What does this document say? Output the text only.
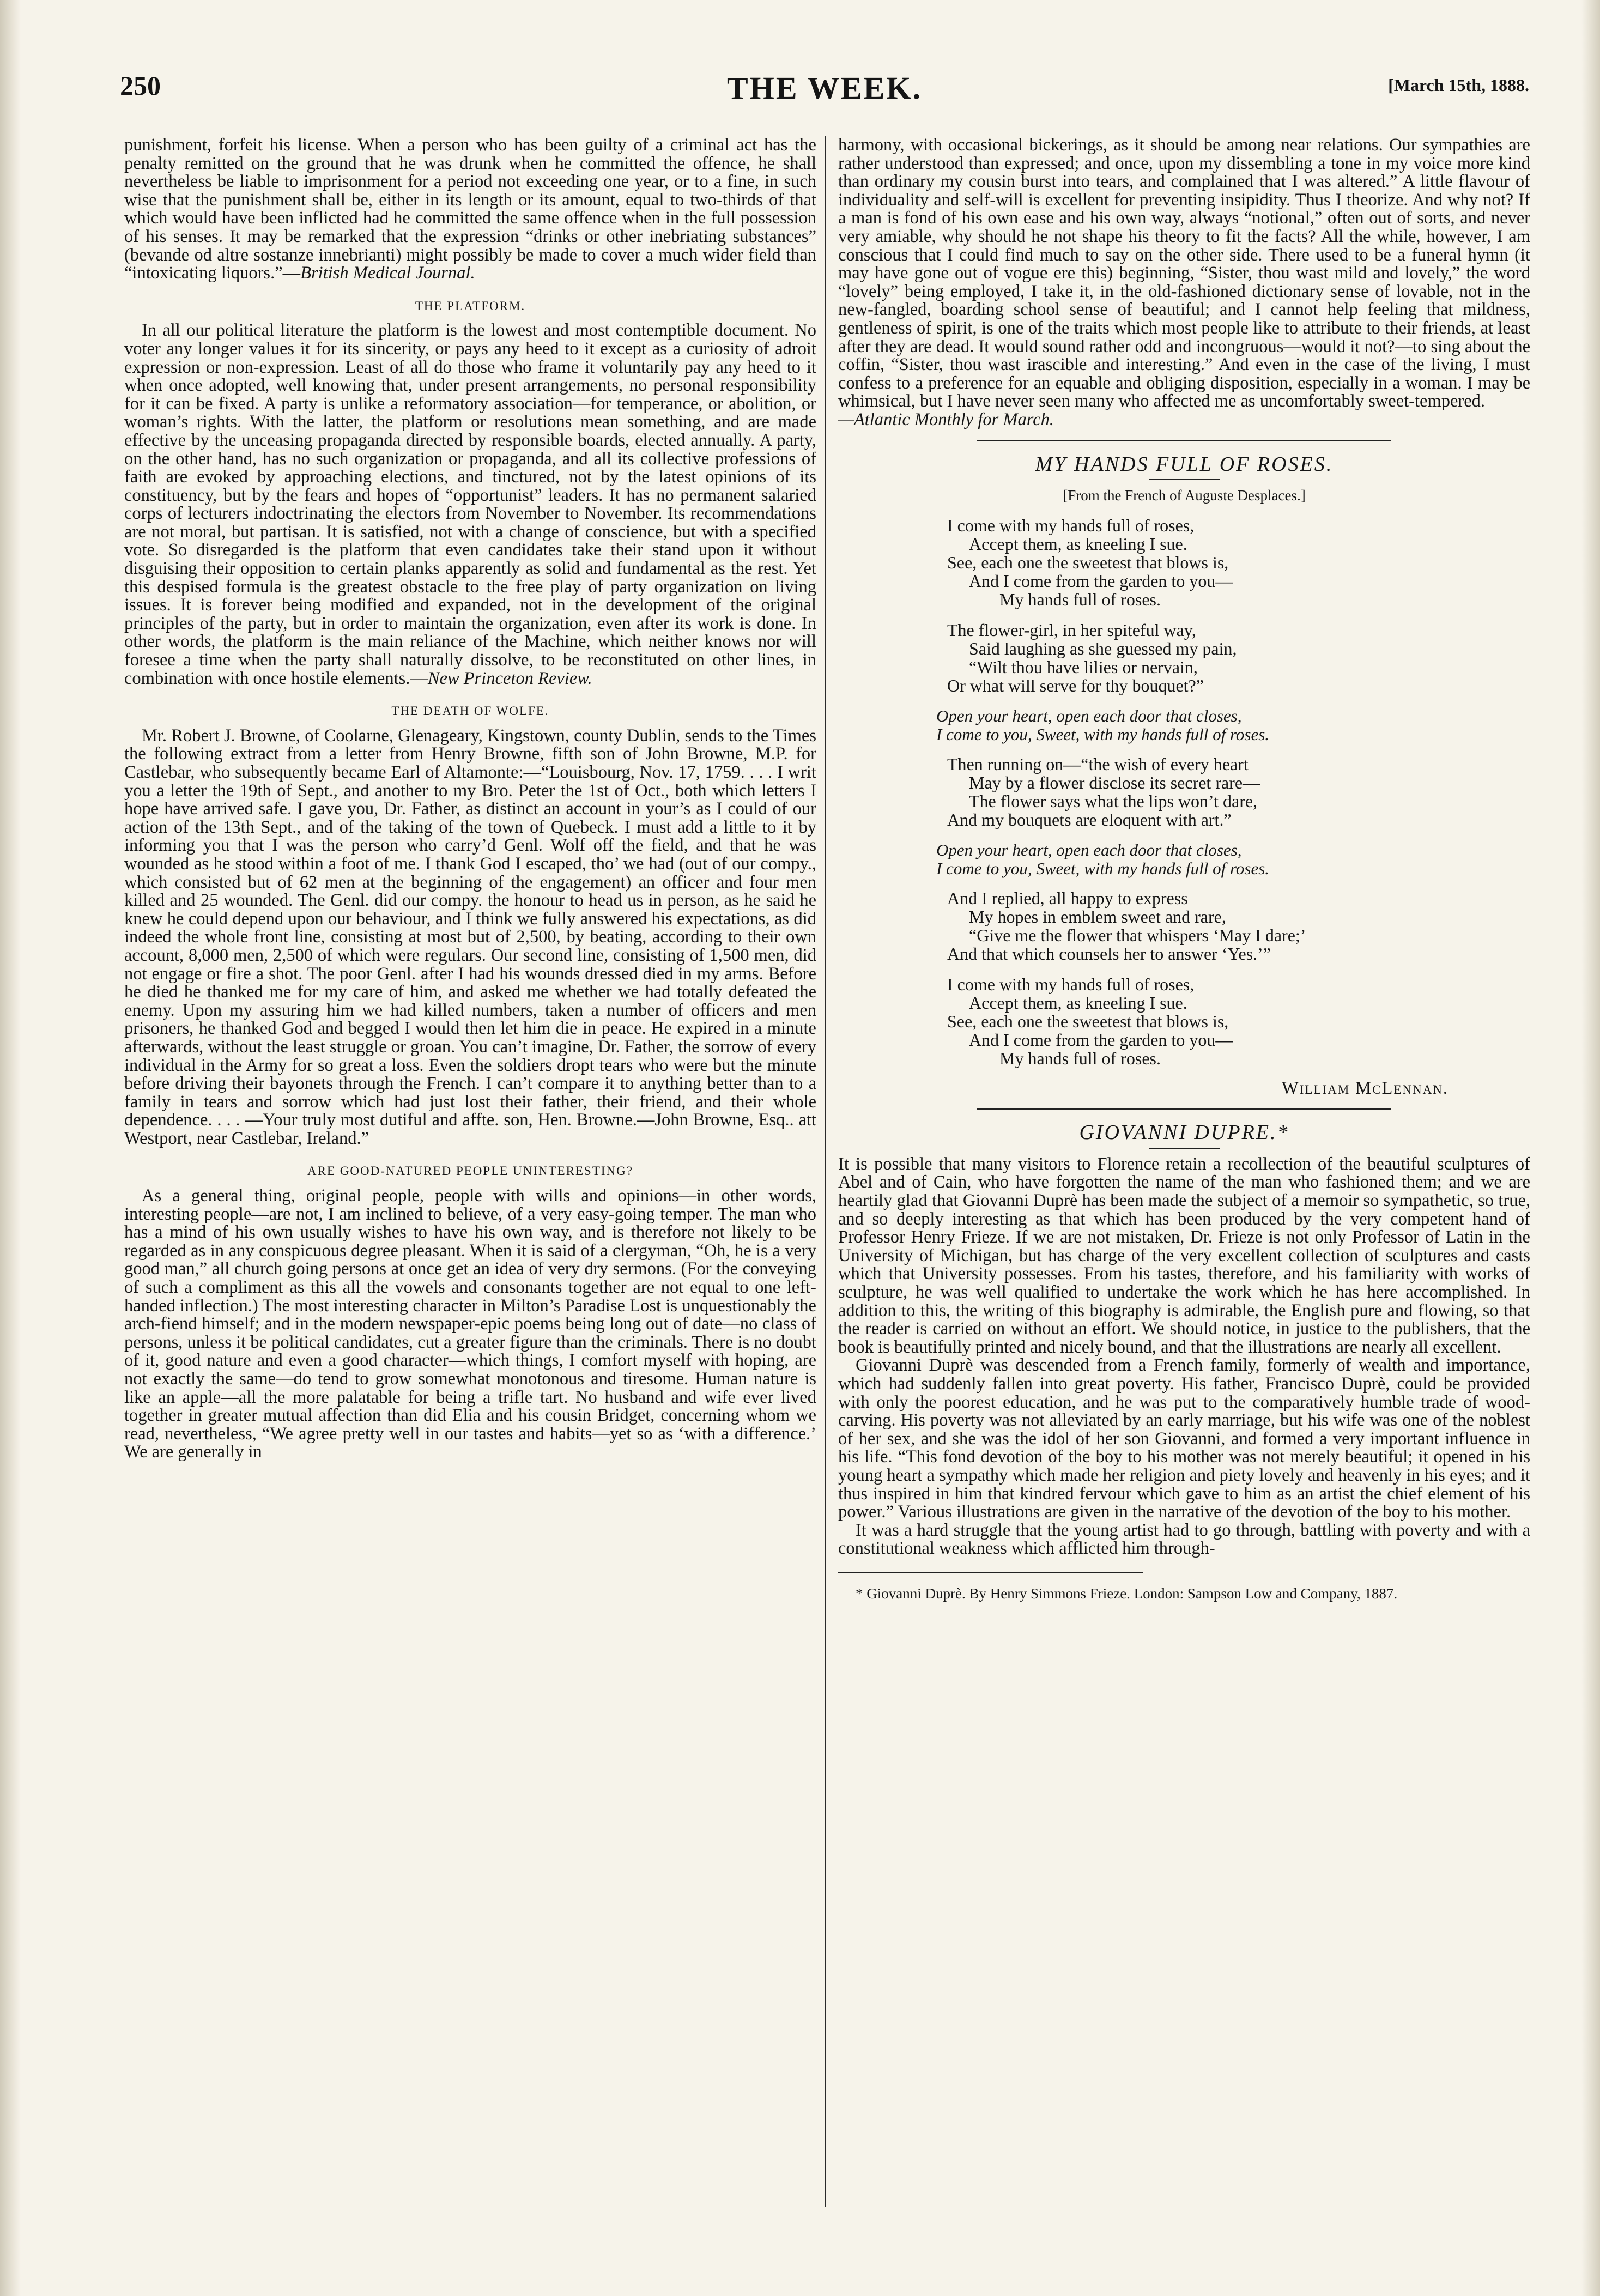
250	THE WEEK.	[March 15th, 1888.

punishment, forfeit his license. When a person who has been guilty of a criminal act has the penalty remitted on the ground that he was drunk when he committed the offence, he shall nevertheless be liable to imprisonment for a period not exceeding one year, or to a fine, in such wise that the punishment shall be, either in its length or its amount, equal to two-thirds of that which would have been inflicted had he committed the same offence when in the full possession of his senses. It may be remarked that the expression “drinks or other inebriating substances” (bevande od altre sostanze innebrianti) might possibly be made to cover a much wider field than “intoxicating liquors.”—British Medical Journal.

THE PLATFORM.

In all our political literature the platform is the lowest and most contemptible document. No voter any longer values it for its sincerity, or pays any heed to it except as a curiosity of adroit expression or non-expression. Least of all do those who frame it voluntarily pay any heed to it when once adopted, well knowing that, under present arrangements, no personal responsibility for it can be fixed. A party is unlike a reformatory association—for temperance, or abolition, or woman’s rights. With the latter, the platform or resolutions mean something, and are made effective by the unceasing propaganda directed by responsible boards, elected annually. A party, on the other hand, has no such organization or propaganda, and all its collective professions of faith are evoked by approaching elections, and tinctured, not by the latest opinions of its constituency, but by the fears and hopes of “opportunist” leaders. It has no permanent salaried corps of lecturers indoctrinating the electors from November to November. Its recommendations are not moral, but partisan. It is satisfied, not with a change of conscience, but with a specified vote. So disregarded is the platform that even candidates take their stand upon it without disguising their opposition to certain planks apparently as solid and fundamental as the rest. Yet this despised formula is the greatest obstacle to the free play of party organization on living issues. It is forever being modified and expanded, not in the development of the original principles of the party, but in order to maintain the organization, even after its work is done. In other words, the platform is the main reliance of the Machine, which neither knows nor will foresee a time when the party shall naturally dissolve, to be reconstituted on other lines, in combination with once hostile elements.—New Princeton Review.

THE DEATH OF WOLFE.

Mr. Robert J. Browne, of Coolarne, Glenageary, Kingstown, county Dublin, sends to the Times the following extract from a letter from Henry Browne, fifth son of John Browne, M.P. for Castlebar, who subsequently became Earl of Altamonte:—“Louisbourg, Nov. 17, 1759. . . . I writ you a letter the 19th of Sept., and another to my Bro. Peter the 1st of Oct., both which letters I hope have arrived safe. I gave you, Dr. Father, as distinct an account in your’s as I could of our action of the 13th Sept., and of the taking of the town of Quebeck. I must add a little to it by informing you that I was the person who carry’d Genl. Wolf off the field, and that he was wounded as he stood within a foot of me. I thank God I escaped, tho’ we had (out of our compy., which consisted but of 62 men at the beginning of the engagement) an officer and four men killed and 25 wounded. The Genl. did our compy. the honour to head us in person, as he said he knew he could depend upon our behaviour, and I think we fully answered his expectations, as did indeed the whole front line, consisting at most but of 2,500, by beating, according to their own account, 8,000 men, 2,500 of which were regulars. Our second line, consisting of 1,500 men, did not engage or fire a shot. The poor Genl. after I had his wounds dressed died in my arms. Before he died he thanked me for my care of him, and asked me whether we had totally defeated the enemy. Upon my assuring him we had killed numbers, taken a number of officers and men prisoners, he thanked God and begged I would then let him die in peace. He expired in a minute afterwards, without the least struggle or groan. You can’t imagine, Dr. Father, the sorrow of every individual in the Army for so great a loss. Even the soldiers dropt tears who were but the minute before driving their bayonets through the French. I can’t compare it to anything better than to a family in tears and sorrow which had just lost their father, their friend, and their whole dependence. . . . —Your truly most dutiful and affte. son, Hen. Browne.—John Browne, Esq.. att Westport, near Castlebar, Ireland.”

ARE GOOD-NATURED PEOPLE UNINTERESTING?

As a general thing, original people, people with wills and opinions—in other words, interesting people—are not, I am inclined to believe, of a very easy-going temper. The man who has a mind of his own usually wishes to have his own way, and is therefore not likely to be regarded as in any conspicuous degree pleasant. When it is said of a clergyman, “Oh, he is a very good man,” all church going persons at once get an idea of very dry sermons. (For the conveying of such a compliment as this all the vowels and consonants together are not equal to one left-handed inflection.) The most interesting character in Milton’s Paradise Lost is unquestionably the arch-fiend himself; and in the modern newspaper-epic poems being long out of date—no class of persons, unless it be political candidates, cut a greater figure than the criminals. There is no doubt of it, good nature and even a good character—which things, I comfort myself with hoping, are not exactly the same—do tend to grow somewhat monotonous and tiresome. Human nature is like an apple—all the more palatable for being a trifle tart. No husband and wife ever lived together in greater mutual affection than did Elia and his cousin Bridget, concerning whom we read, nevertheless, “We agree pretty well in our tastes and habits—yet so as ‘with a difference.’ We are generally in

harmony, with occasional bickerings, as it should be among near relations. Our sympathies are rather understood than expressed; and once, upon my dissembling a tone in my voice more kind than ordinary my cousin burst into tears, and complained that I was altered.” A little flavour of individuality and self-will is excellent for preventing insipidity. Thus I theorize. And why not? If a man is fond of his own ease and his own way, always “notional,” often out of sorts, and never very amiable, why should he not shape his theory to fit the facts? All the while, however, I am conscious that I could find much to say on the other side. There used to be a funeral hymn (it may have gone out of vogue ere this) beginning, “Sister, thou wast mild and lovely,” the word “lovely” being employed, I take it, in the old-fashioned dictionary sense of lovable, not in the new-fangled, boarding school sense of beautiful; and I cannot help feeling that mildness, gentleness of spirit, is one of the traits which most people like to attribute to their friends, at least after they are dead. It would sound rather odd and incongruous—would it not?—to sing about the coffin, “Sister, thou wast irascible and interesting.” And even in the case of the living, I must confess to a preference for an equable and obliging disposition, especially in a woman. I may be whimsical, but I have never seen many who affected me as uncomfortably sweet-tempered.
—Atlantic Monthly for March.

MY HANDS FULL OF ROSES.
[From the French of Auguste Desplaces.]
I come with my hands full of roses,
Accept them, as kneeling I sue.
See, each one the sweetest that blows is,
And I come from the garden to you—
My hands full of roses.
The flower-girl, in her spiteful way,
Said laughing as she guessed my pain,
“Wilt thou have lilies or nervain,
Or what will serve for thy bouquet?”
Open your heart, open each door that closes,
I come to you, Sweet, with my hands full of roses.
Then running on—“the wish of every heart
May by a flower disclose its secret rare—
The flower says what the lips won’t dare,
And my bouquets are eloquent with art.”
Open your heart, open each door that closes,
I come to you, Sweet, with my hands full of roses.
And I replied, all happy to express
My hopes in emblem sweet and rare,
“Give me the flower that whispers ‘May I dare;’
And that which counsels her to answer ‘Yes.’”
I come with my hands full of roses,
Accept them, as kneeling I sue.
See, each one the sweetest that blows is,
And I come from the garden to you—
My hands full of roses.
William McLennan.
GIOVANNI DUPRE.*

It is possible that many visitors to Florence retain a recollection of the beautiful sculptures of Abel and of Cain, who have forgotten the name of the man who fashioned them; and we are heartily glad that Giovanni Duprè has been made the subject of a memoir so sympathetic, so true, and so deeply interesting as that which has been produced by the very competent hand of Professor Henry Frieze. If we are not mistaken, Dr. Frieze is not only Professor of Latin in the University of Michigan, but has charge of the very excellent collection of sculptures and casts which that University possesses. From his tastes, therefore, and his familiarity with works of sculpture, he was well qualified to undertake the work which he has here accomplished. In addition to this, the writing of this biography is admirable, the English pure and flowing, so that the reader is carried on without an effort. We should notice, in justice to the publishers, that the book is beautifully printed and nicely bound, and that the illustrations are nearly all excellent.

Giovanni Duprè was descended from a French family, formerly of wealth and importance, which had suddenly fallen into great poverty. His father, Francisco Duprè, could be provided with only the poorest education, and he was put to the comparatively humble trade of wood-carving. His poverty was not alleviated by an early marriage, but his wife was one of the noblest of her sex, and she was the idol of her son Giovanni, and formed a very important influence in his life. “This fond devotion of the boy to his mother was not merely beautiful; it opened in his young heart a sympathy which made her religion and piety lovely and heavenly in his eyes; and it thus inspired in him that kindred fervour which gave to him as an artist the chief element of his power.” Various illustrations are given in the narrative of the devotion of the boy to his mother.

It was a hard struggle that the young artist had to go through, battling with poverty and with a constitutional weakness which afflicted him through-

* Giovanni Duprè. By Henry Simmons Frieze. London: Sampson Low and Company, 1887.
